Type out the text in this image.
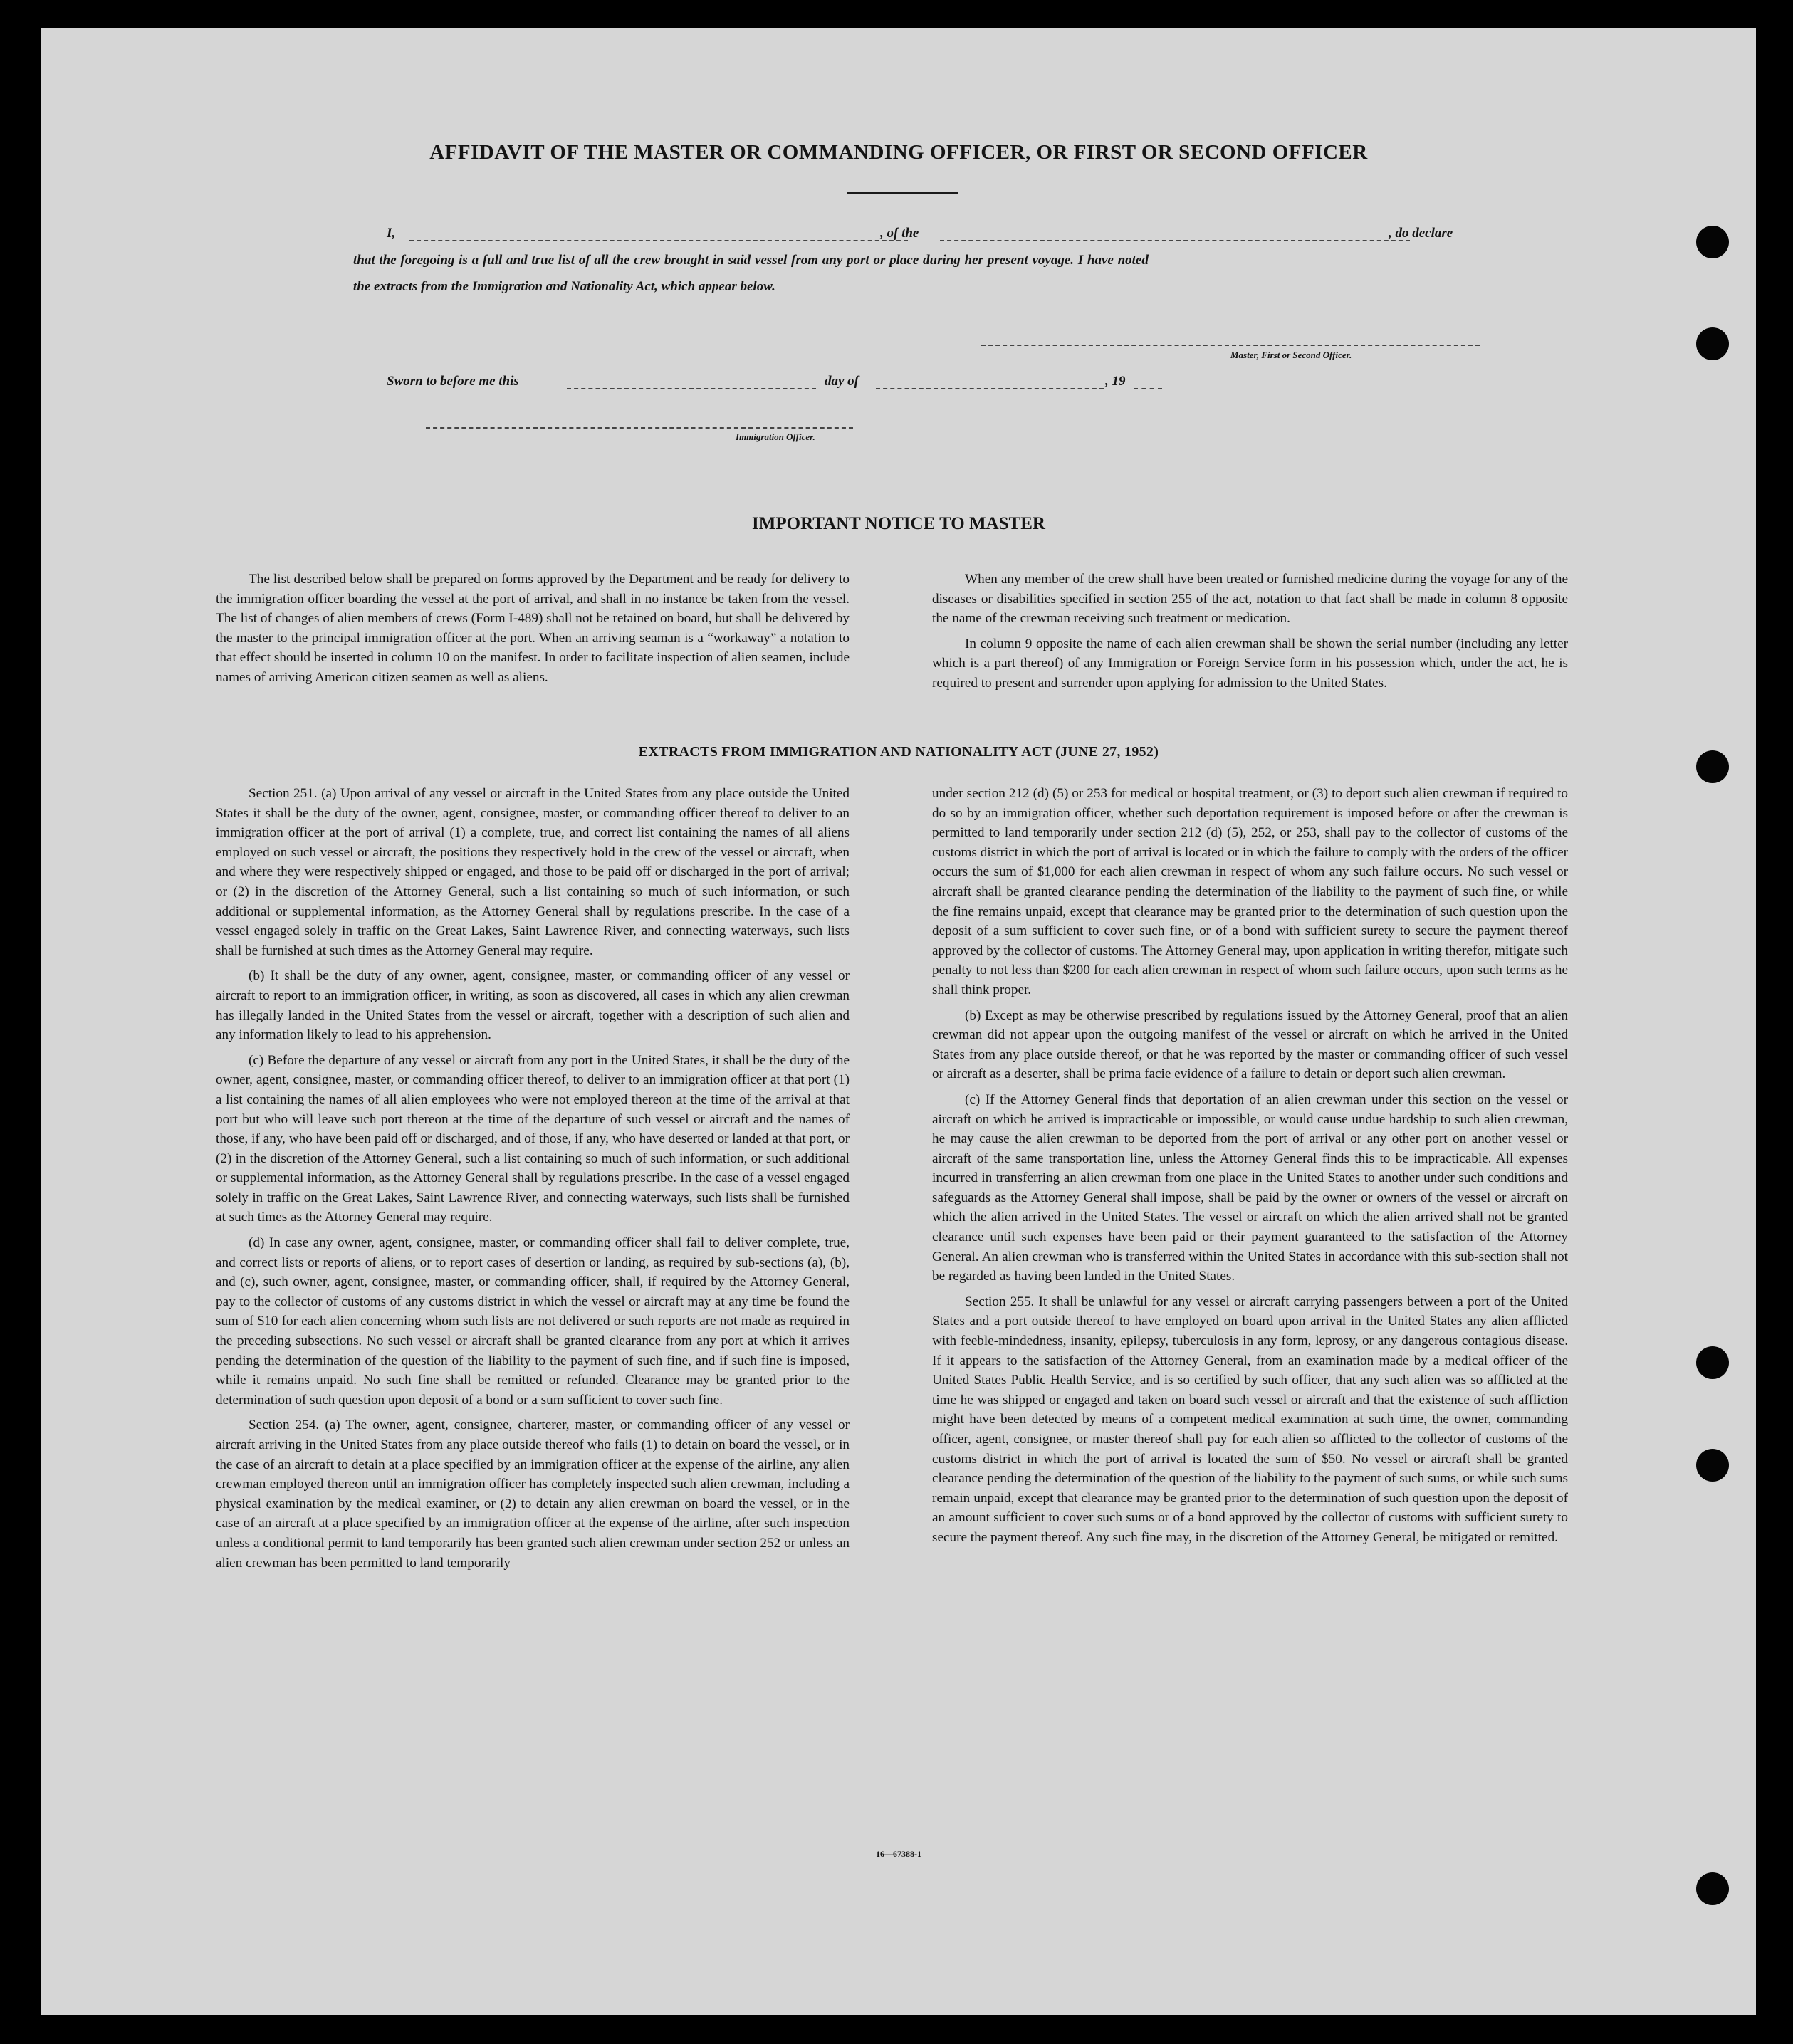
AFFIDAVIT OF THE MASTER OR COMMANDING OFFICER, OR FIRST OR SECOND OFFICER
I,	, of the	, do declare
that the foregoing is a full and true list of all the crew brought in said vessel from any port or place during her present voyage. I have noted
the extracts from the Immigration and Nationality Act, which appear below.
Master, First or Second Officer.
Sworn to before me this	day of	, 19
Immigration Officer.
IMPORTANT NOTICE TO MASTER

The list described below shall be prepared on forms approved by the Department and be ready for delivery to the immigration officer boarding the vessel at the port of arrival, and shall in no instance be taken from the vessel. The list of changes of alien members of crews (Form I-489) shall not be retained on board, but shall be delivered by the master to the principal immigration officer at the port. When an arriving seaman is a “workaway” a notation to that effect should be inserted in column 10 on the manifest. In order to facilitate inspection of alien seamen, include names of arriving American citizen seamen as well as aliens.

When any member of the crew shall have been treated or furnished medicine during the voyage for any of the diseases or disabilities specified in section 255 of the act, notation to that fact shall be made in column 8 opposite the name of the crewman receiving such treatment or medication.

In column 9 opposite the name of each alien crewman shall be shown the serial number (including any letter which is a part thereof) of any Immigration or Foreign Service form in his possession which, under the act, he is required to present and surrender upon applying for admission to the United States.

EXTRACTS FROM IMMIGRATION AND NATIONALITY ACT (JUNE 27, 1952)

Section 251. (a) Upon arrival of any vessel or aircraft in the United States from any place outside the United States it shall be the duty of the owner, agent, consignee, master, or commanding officer thereof to deliver to an immigration officer at the port of arrival (1) a complete, true, and correct list containing the names of all aliens employed on such vessel or aircraft, the positions they respectively hold in the crew of the vessel or aircraft, when and where they were respectively shipped or engaged, and those to be paid off or discharged in the port of arrival; or (2) in the discretion of the Attorney General, such a list containing so much of such information, or such additional or supplemental information, as the Attorney General shall by regulations prescribe. In the case of a vessel engaged solely in traffic on the Great Lakes, Saint Lawrence River, and connecting waterways, such lists shall be furnished at such times as the Attorney General may require.

(b) It shall be the duty of any owner, agent, consignee, master, or commanding officer of any vessel or aircraft to report to an immigration officer, in writing, as soon as discovered, all cases in which any alien crewman has illegally landed in the United States from the vessel or aircraft, together with a description of such alien and any information likely to lead to his apprehension.

(c) Before the departure of any vessel or aircraft from any port in the United States, it shall be the duty of the owner, agent, consignee, master, or commanding officer thereof, to deliver to an immigration officer at that port (1) a list containing the names of all alien employees who were not employed thereon at the time of the arrival at that port but who will leave such port thereon at the time of the departure of such vessel or aircraft and the names of those, if any, who have been paid off or discharged, and of those, if any, who have deserted or landed at that port, or (2) in the discretion of the Attorney General, such a list containing so much of such information, or such additional or supplemental information, as the Attorney General shall by regulations prescribe. In the case of a vessel engaged solely in traffic on the Great Lakes, Saint Lawrence River, and connecting waterways, such lists shall be furnished at such times as the Attorney General may require.

(d) In case any owner, agent, consignee, master, or commanding officer shall fail to deliver complete, true, and correct lists or reports of aliens, or to report cases of desertion or landing, as required by sub-sections (a), (b), and (c), such owner, agent, consignee, master, or commanding officer, shall, if required by the Attorney General, pay to the collector of customs of any customs district in which the vessel or aircraft may at any time be found the sum of $10 for each alien concerning whom such lists are not delivered or such reports are not made as required in the preceding subsections. No such vessel or aircraft shall be granted clearance from any port at which it arrives pending the determination of the question of the liability to the payment of such fine, and if such fine is imposed, while it remains unpaid. No such fine shall be remitted or refunded. Clearance may be granted prior to the determination of such question upon deposit of a bond or a sum sufficient to cover such fine.

Section 254. (a) The owner, agent, consignee, charterer, master, or commanding officer of any vessel or aircraft arriving in the United States from any place outside thereof who fails (1) to detain on board the vessel, or in the case of an aircraft to detain at a place specified by an immigration officer at the expense of the airline, any alien crewman employed thereon until an immigration officer has completely inspected such alien crewman, including a physical examination by the medical examiner, or (2) to detain any alien crewman on board the vessel, or in the case of an aircraft at a place specified by an immigration officer at the expense of the airline, after such inspection unless a conditional permit to land temporarily has been granted such alien crewman under section 252 or unless an alien crewman has been permitted to land temporarily

under section 212 (d) (5) or 253 for medical or hospital treatment, or (3) to deport such alien crewman if required to do so by an immigration officer, whether such deportation requirement is imposed before or after the crewman is permitted to land temporarily under section 212 (d) (5), 252, or 253, shall pay to the collector of customs of the customs district in which the port of arrival is located or in which the failure to comply with the orders of the officer occurs the sum of $1,000 for each alien crewman in respect of whom any such failure occurs. No such vessel or aircraft shall be granted clearance pending the determination of the liability to the payment of such fine, or while the fine remains unpaid, except that clearance may be granted prior to the determination of such question upon the deposit of a sum sufficient to cover such fine, or of a bond with sufficient surety to secure the payment thereof approved by the collector of customs. The Attorney General may, upon application in writing therefor, mitigate such penalty to not less than $200 for each alien crewman in respect of whom such failure occurs, upon such terms as he shall think proper.

(b) Except as may be otherwise prescribed by regulations issued by the Attorney General, proof that an alien crewman did not appear upon the outgoing manifest of the vessel or aircraft on which he arrived in the United States from any place outside thereof, or that he was reported by the master or commanding officer of such vessel or aircraft as a deserter, shall be prima facie evidence of a failure to detain or deport such alien crewman.

(c) If the Attorney General finds that deportation of an alien crewman under this section on the vessel or aircraft on which he arrived is impracticable or impossible, or would cause undue hardship to such alien crewman, he may cause the alien crewman to be deported from the port of arrival or any other port on another vessel or aircraft of the same transportation line, unless the Attorney General finds this to be impracticable. All expenses incurred in transferring an alien crewman from one place in the United States to another under such conditions and safeguards as the Attorney General shall impose, shall be paid by the owner or owners of the vessel or aircraft on which the alien arrived in the United States. The vessel or aircraft on which the alien arrived shall not be granted clearance until such expenses have been paid or their payment guaranteed to the satisfaction of the Attorney General. An alien crewman who is transferred within the United States in accordance with this sub-section shall not be regarded as having been landed in the United States.

Section 255. It shall be unlawful for any vessel or aircraft carrying passengers between a port of the United States and a port outside thereof to have employed on board upon arrival in the United States any alien afflicted with feeble-mindedness, insanity, epilepsy, tuberculosis in any form, leprosy, or any dangerous contagious disease. If it appears to the satisfaction of the Attorney General, from an examination made by a medical officer of the United States Public Health Service, and is so certified by such officer, that any such alien was so afflicted at the time he was shipped or engaged and taken on board such vessel or aircraft and that the existence of such affliction might have been detected by means of a competent medical examination at such time, the owner, commanding officer, agent, consignee, or master thereof shall pay for each alien so afflicted to the collector of customs of the customs district in which the port of arrival is located the sum of $50. No vessel or aircraft shall be granted clearance pending the determination of the question of the liability to the payment of such sums, or while such sums remain unpaid, except that clearance may be granted prior to the determination of such question upon the deposit of an amount sufficient to cover such sums or of a bond approved by the collector of customs with sufficient surety to secure the payment thereof. Any such fine may, in the discretion of the Attorney General, be mitigated or remitted.

16—67388-1
